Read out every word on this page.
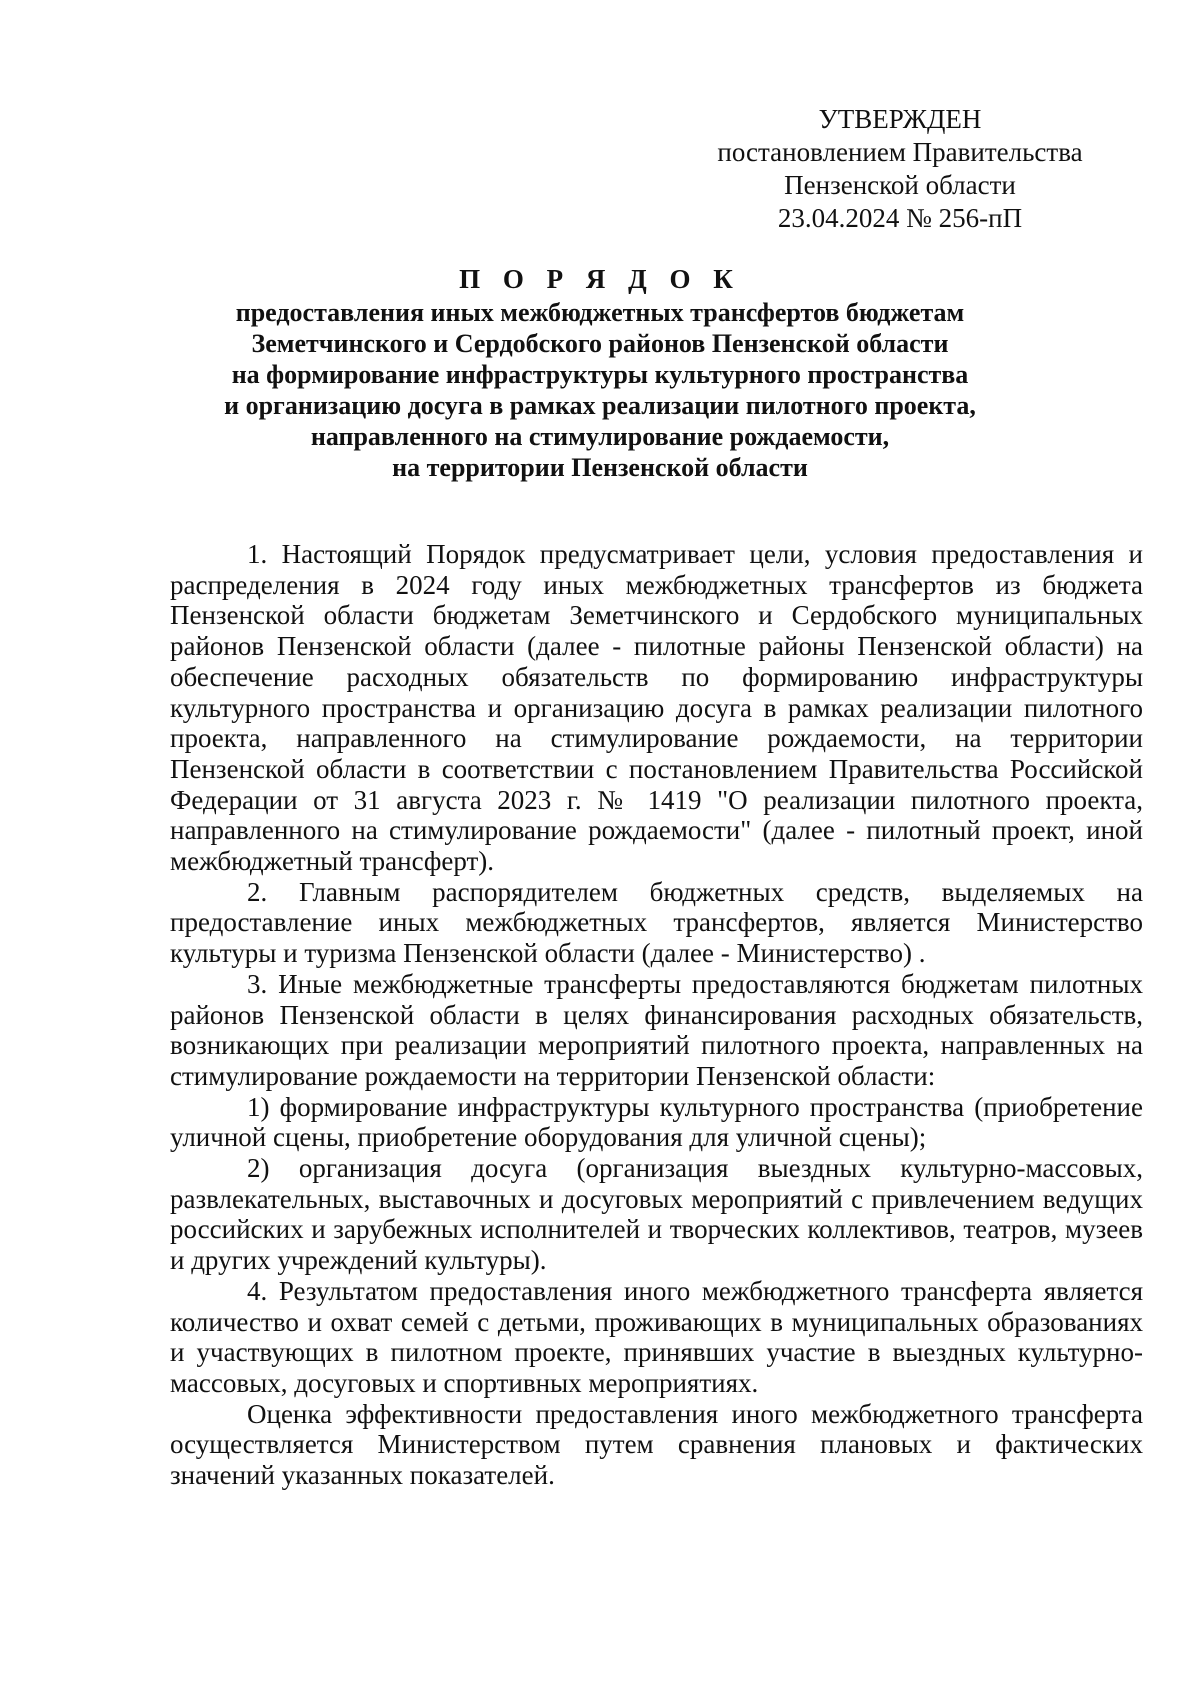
УТВЕРЖДЕН
постановлением Правительства
Пензенской области
23.04.2024 № 256-пП
П О Р Я Д О К
предоставления иных межбюджетных трансфертов бюджетам
Земетчинского и Сердобского районов Пензенской области
на формирование инфраструктуры культурного пространства
и организацию досуга в рамках реализации пилотного проекта,
направленного на стимулирование рождаемости,
на территории Пензенской области

1. Настоящий Порядок предусматривает цели, условия предоставления и распределения в 2024 году иных межбюджетных трансфертов из бюджета Пензенской области бюджетам Земетчинского и Сердобского муниципальных районов Пензенской области (далее - пилотные районы Пензенской области) на обеспечение расходных обязательств по формированию инфраструктуры культурного пространства и организацию досуга в рамках реализации пилотного проекта, направленного на стимулирование рождаемости, на территории Пензенской области в соответствии с постановлением Правительства Российской Федерации от 31 августа 2023 г. № 1419 "О реализации пилотного проекта, направленного на стимулирование рождаемости" (далее - пилотный проект, иной межбюджетный трансферт).

2. Главным распорядителем бюджетных средств, выделяемых на предоставление иных межбюджетных трансфертов, является Министерство культуры и туризма Пензенской области (далее - Министерство) .

3. Иные межбюджетные трансферты предоставляются бюджетам пилотных районов Пензенской области в целях финансирования расходных обязательств, возникающих при реализации мероприятий пилотного проекта, направленных на стимулирование рождаемости на территории Пензенской области:

1) формирование инфраструктуры культурного пространства (приобретение уличной сцены, приобретение оборудования для уличной сцены);

2) организация досуга (организация выездных культурно-массовых, развлекательных, выставочных и досуговых мероприятий с привлечением ведущих российских и зарубежных исполнителей и творческих коллективов, театров, музеев и других учреждений культуры).

4. Результатом предоставления иного межбюджетного трансферта является количество и охват семей с детьми, проживающих в муниципальных образованиях и участвующих в пилотном проекте, принявших участие в выездных культурно-массовых, досуговых и спортивных мероприятиях.

Оценка эффективности предоставления иного межбюджетного трансферта осуществляется Министерством путем сравнения плановых и фактических значений указанных показателей.
